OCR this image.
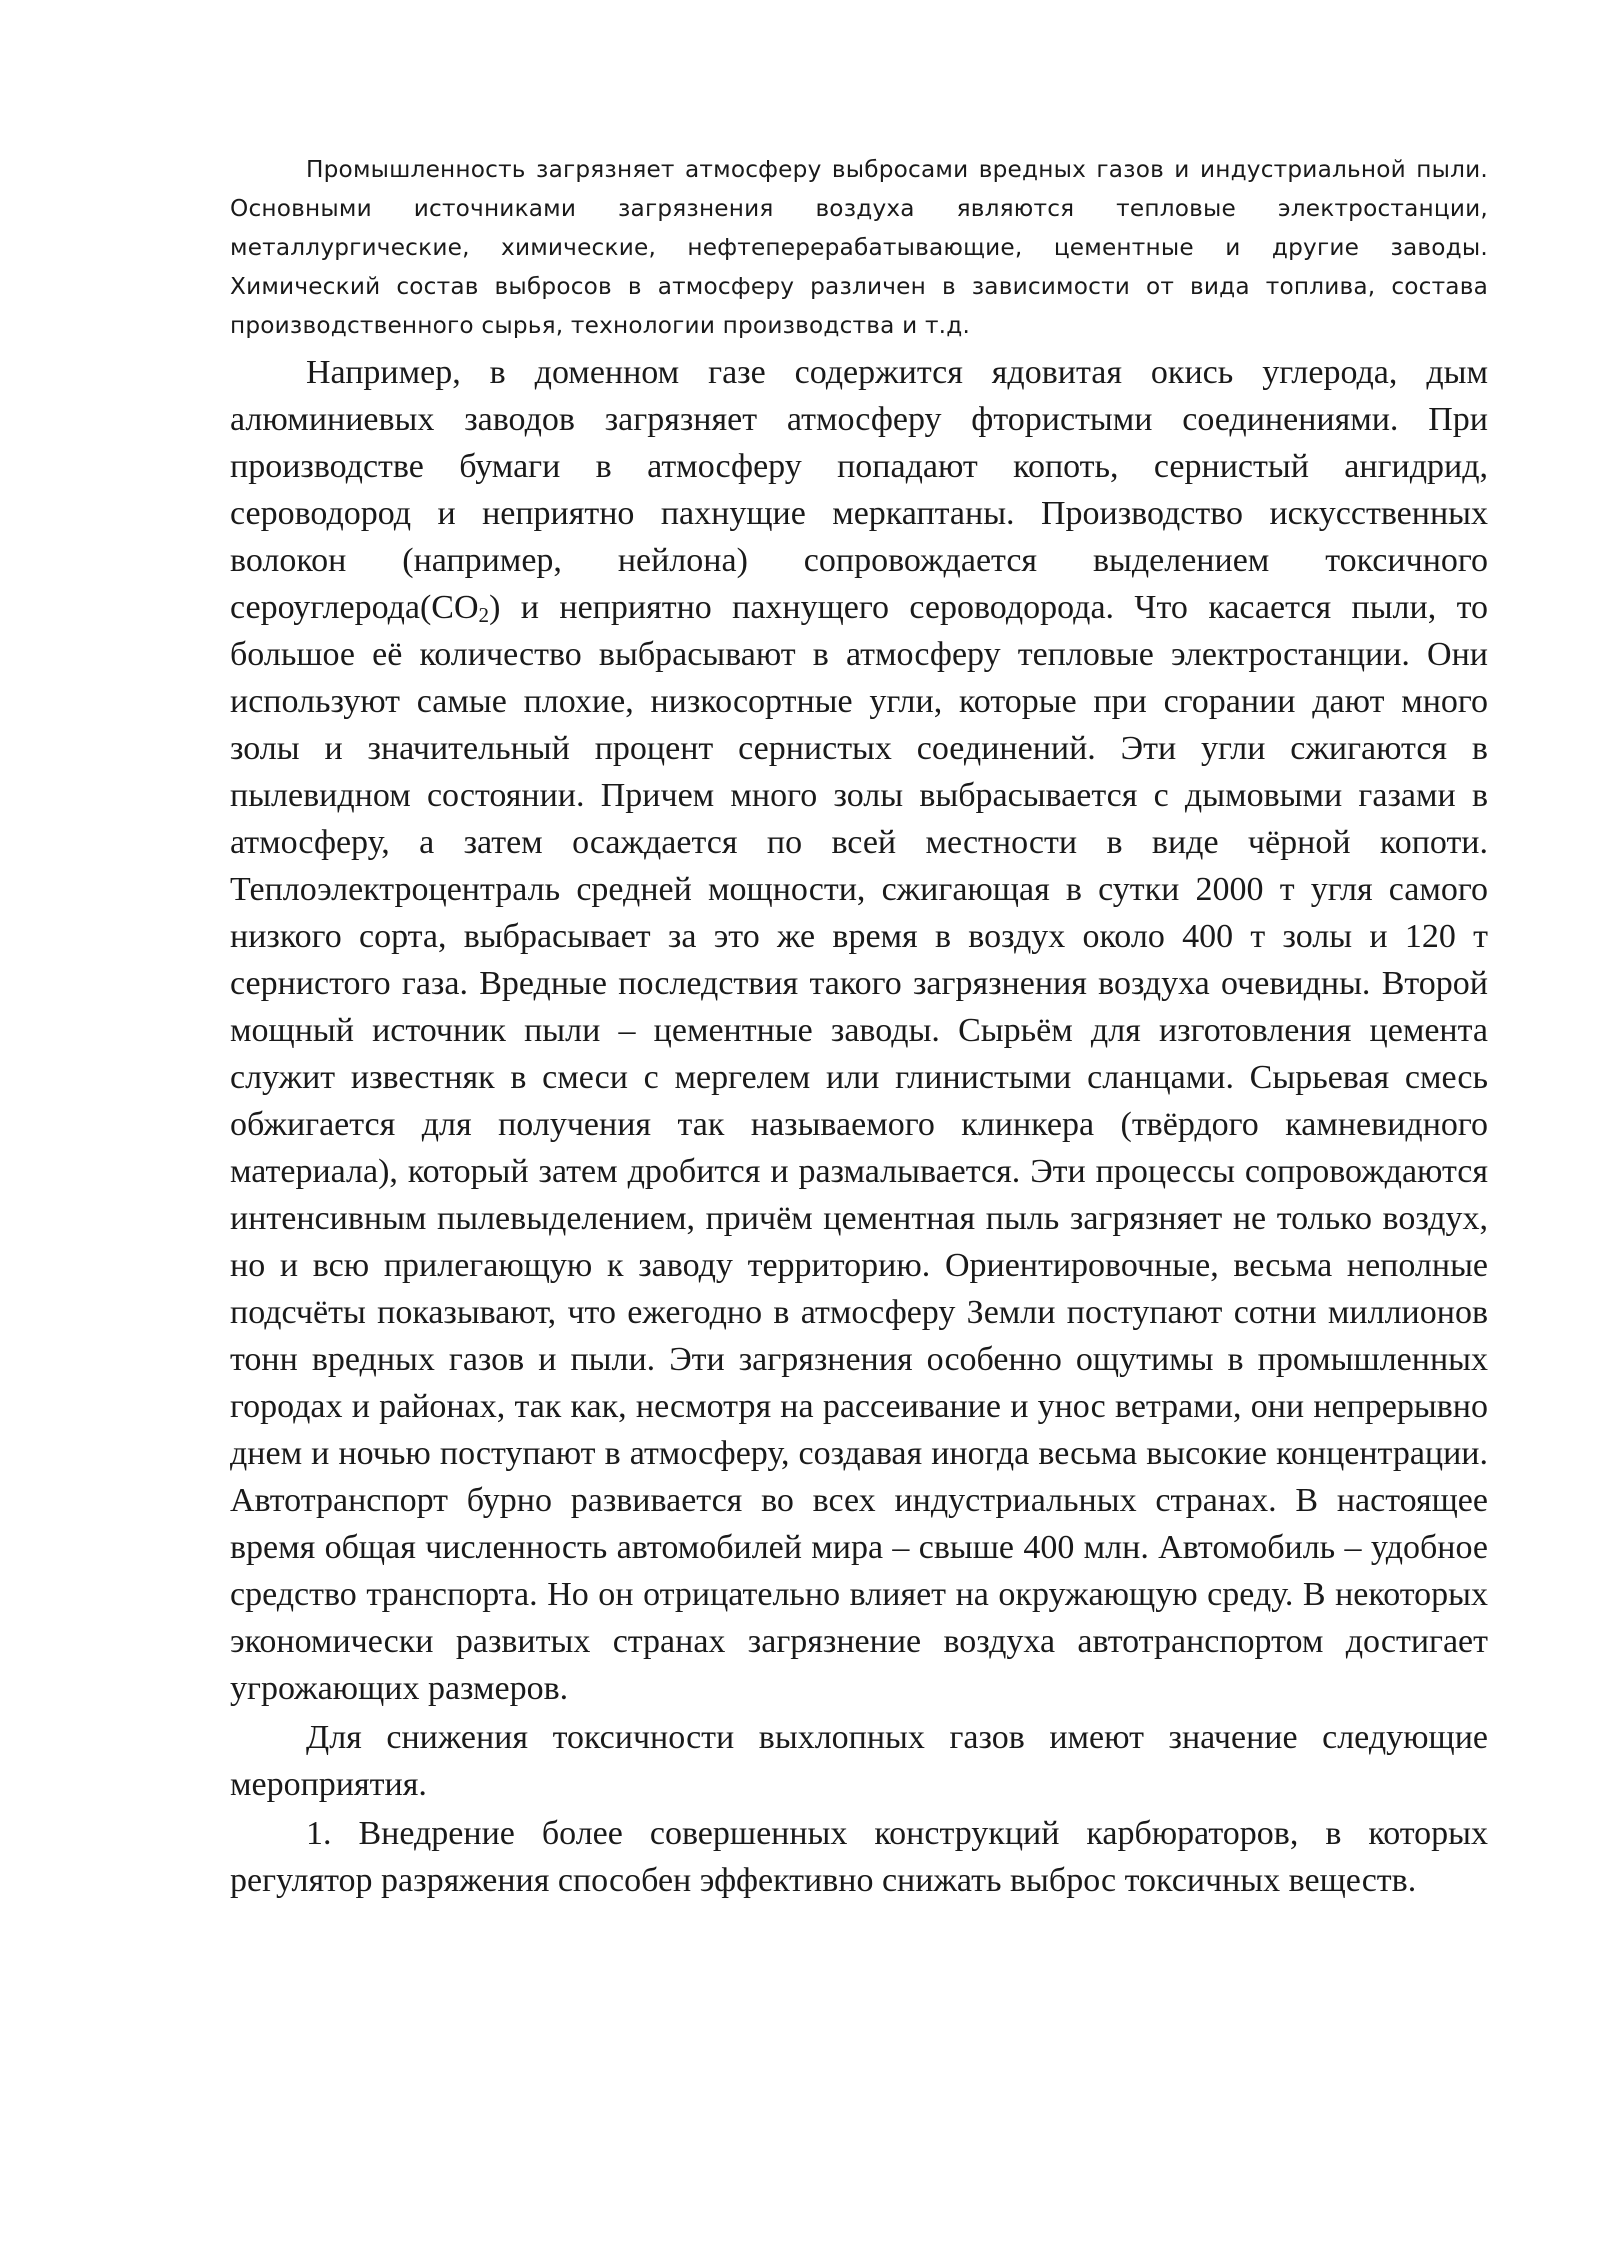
Промышленность загрязняет атмосферу выбросами вредных газов и индустриальной пыли. Основными источниками загрязнения воздуха являются тепловые электростанции, металлургические, химические, нефтеперерабатывающие, цементные и другие заводы. Химический состав выбросов в атмосферу различен в зависимости от вида топлива, состава производственного сырья, технологии производства и т.д.

Например, в доменном газе содержится ядовитая окись углерода, дым алюминиевых заводов загрязняет атмосферу фтористыми соединениями. При производстве бумаги в атмосферу попадают копоть, сернистый ангидрид, сероводород и неприятно пахнущие меркаптаны. Производство искусственных волокон (например, нейлона) сопровождается выделением токсичного $сероуглерода(CO_2)$ и неприятно пахнущего сероводорода. Что касается пыли, то большое её количество выбрасывают в атмосферу тепловые электростанции. Они используют самые плохие, низкосортные угли, которые при сгорании дают много золы и значительный процент сернистых соединений. Эти угли сжигаются в пылевидном состоянии. Причем много золы выбрасывается с дымовыми газами в атмосферу, а затем осаждается по всей местности в виде чёрной копоти. Теплоэлектроцентраль средней мощности, сжигающая в сутки 2000 т угля самого низкого сорта, выбрасывает за это же время в воздух около 400 т золы и 120 т сернистого газа. Вредные последствия такого загрязнения воздуха очевидны. Второй мощный источник пыли – цементные заводы. Сырьём для изготовления цемента служит известняк в смеси с мергелем или глинистыми сланцами. Сырьевая смесь обжигается для получения так называемого клинкера (твёрдого камневидного материала), который затем дробится и размалывается. Эти процессы сопровождаются интенсивным пылевыделением, причём цементная пыль загрязняет не только воздух, но и всю прилегающую к заводу территорию. Ориентировочные, весьма неполные подсчёты показывают, что ежегодно в атмосферу Земли поступают сотни миллионов тонн вредных газов и пыли. Эти загрязнения особенно ощутимы в промышленных городах и районах, так как, несмотря на рассеивание и унос ветрами, они непрерывно днем и ночью поступают в атмосферу, создавая иногда весьма высокие концентрации. Автотранспорт бурно развивается во всех индустриальных странах. В настоящее время общая численность автомобилей мира – свыше 400 млн. Автомобиль – удобное средство транспорта. Но он отрицательно влияет на окружающую среду. В некоторых экономически развитых странах загрязнение воздуха автотранспортом достигает угрожающих размеров.

Для снижения токсичности выхлопных газов имеют значение следующие мероприятия.

1. Внедрение более совершенных конструкций карбюраторов, в которых регулятор разряжения способен эффективно снижать выброс токсичных веществ.
